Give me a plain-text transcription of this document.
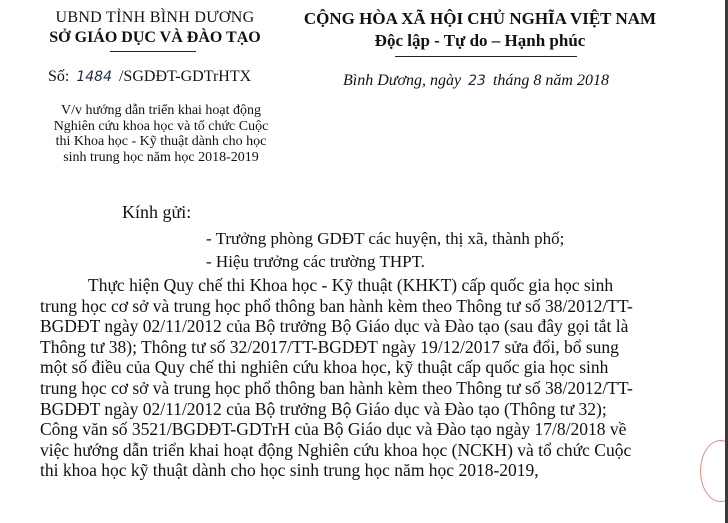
UBND TỈNH BÌNH DƯƠNG
SỞ GIÁO DỤC VÀ ĐÀO TẠO
CỘNG HÒA XÃ HỘI CHỦ NGHĨA VIỆT NAM
Độc lập - Tự do – Hạnh phúc
Số: 1484 /SGDĐT-GDTrHTX	Bình Dương, ngày 23 tháng 8 năm 2018
V/v hướng dẫn triển khai hoạt động
Nghiên cứu khoa học và tổ chức Cuộc
thi Khoa học - Kỹ thuật dành cho học
sinh trung học năm học 2018-2019
Kính gửi:
- Trưởng phòng GDĐT các huyện, thị xã, thành phố;
- Hiệu trưởng các trường THPT.
Thực hiện Quy chế thi Khoa học - Kỹ thuật (KHKT) cấp quốc gia học sinh
trung học cơ sở và trung học phổ thông ban hành kèm theo Thông tư số 38/2012/TT-
BGDĐT ngày 02/11/2012 của Bộ trưởng Bộ Giáo dục và Đào tạo (sau đây gọi tắt là
Thông tư 38); Thông tư số 32/2017/TT-BGDĐT ngày 19/12/2017 sửa đổi, bổ sung
một số điều của Quy chế thi nghiên cứu khoa học, kỹ thuật cấp quốc gia học sinh
trung học cơ sở và trung học phổ thông ban hành kèm theo Thông tư số 38/2012/TT-
BGDĐT ngày 02/11/2012 của Bộ trưởng Bộ Giáo dục và Đào tạo (Thông tư 32);
Công văn số 3521/BGDĐT-GDTrH của Bộ Giáo dục và Đào tạo ngày 17/8/2018 về
việc hướng dẫn triển khai hoạt động Nghiên cứu khoa học (NCKH) và tổ chức Cuộc
thi khoa học kỹ thuật dành cho học sinh trung học năm học 2018-2019,
